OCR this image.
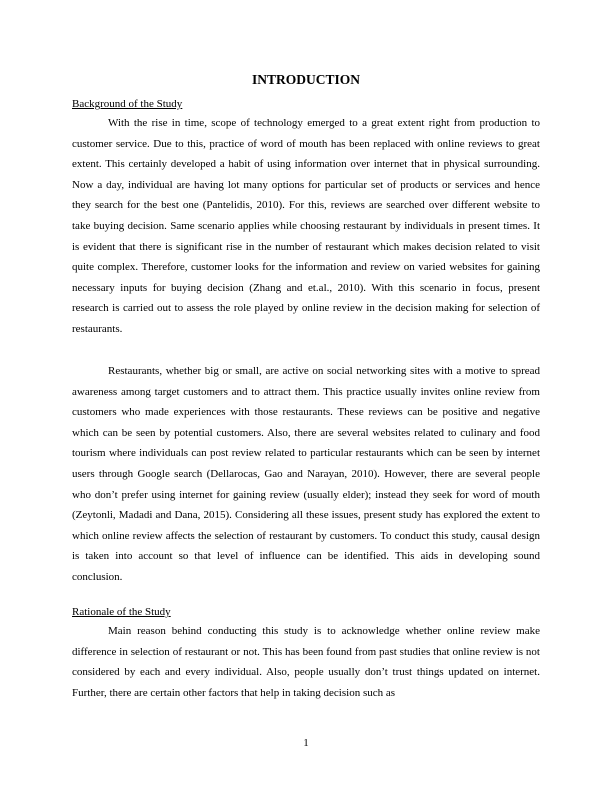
INTRODUCTION

Background of the Study

With the rise in time, scope of technology emerged to a great extent right from production to customer service. Due to this, practice of word of mouth has been replaced with online reviews to great extent. This certainly developed a habit of using information over internet that in physical surrounding. Now a day, individual are having lot many options for particular set of products or services and hence they search for the best one (Pantelidis, 2010). For this, reviews are searched over different website to take buying decision. Same scenario applies while choosing restaurant by individuals in present times. It is evident that there is significant rise in the number of restaurant which makes decision related to visit quite complex. Therefore, customer looks for the information and review on varied websites for gaining necessary inputs for buying decision (Zhang and et.al., 2010). With this scenario in focus, present research is carried out to assess the role played by online review in the decision making for selection of restaurants.

Restaurants, whether big or small, are active on social networking sites with a motive to spread awareness among target customers and to attract them. This practice usually invites online review from customers who made experiences with those restaurants. These reviews can be positive and negative which can be seen by potential customers. Also, there are several websites related to culinary and food tourism where individuals can post review related to particular restaurants which can be seen by internet users through Google search (Dellarocas, Gao and Narayan, 2010). However, there are several people who don’t prefer using internet for gaining review (usually elder); instead they seek for word of mouth (Zeytonli, Madadi and Dana, 2015). Considering all these issues, present study has explored the extent to which online review affects the selection of restaurant by customers. To conduct this study, causal design is taken into account so that level of influence can be identified. This aids in developing sound conclusion.

Rationale of the Study

Main reason behind conducting this study is to acknowledge whether online review make difference in selection of restaurant or not. This has been found from past studies that online review is not considered by each and every individual. Also, people usually don’t trust things updated on internet. Further, there are certain other factors that help in taking decision such as

1
